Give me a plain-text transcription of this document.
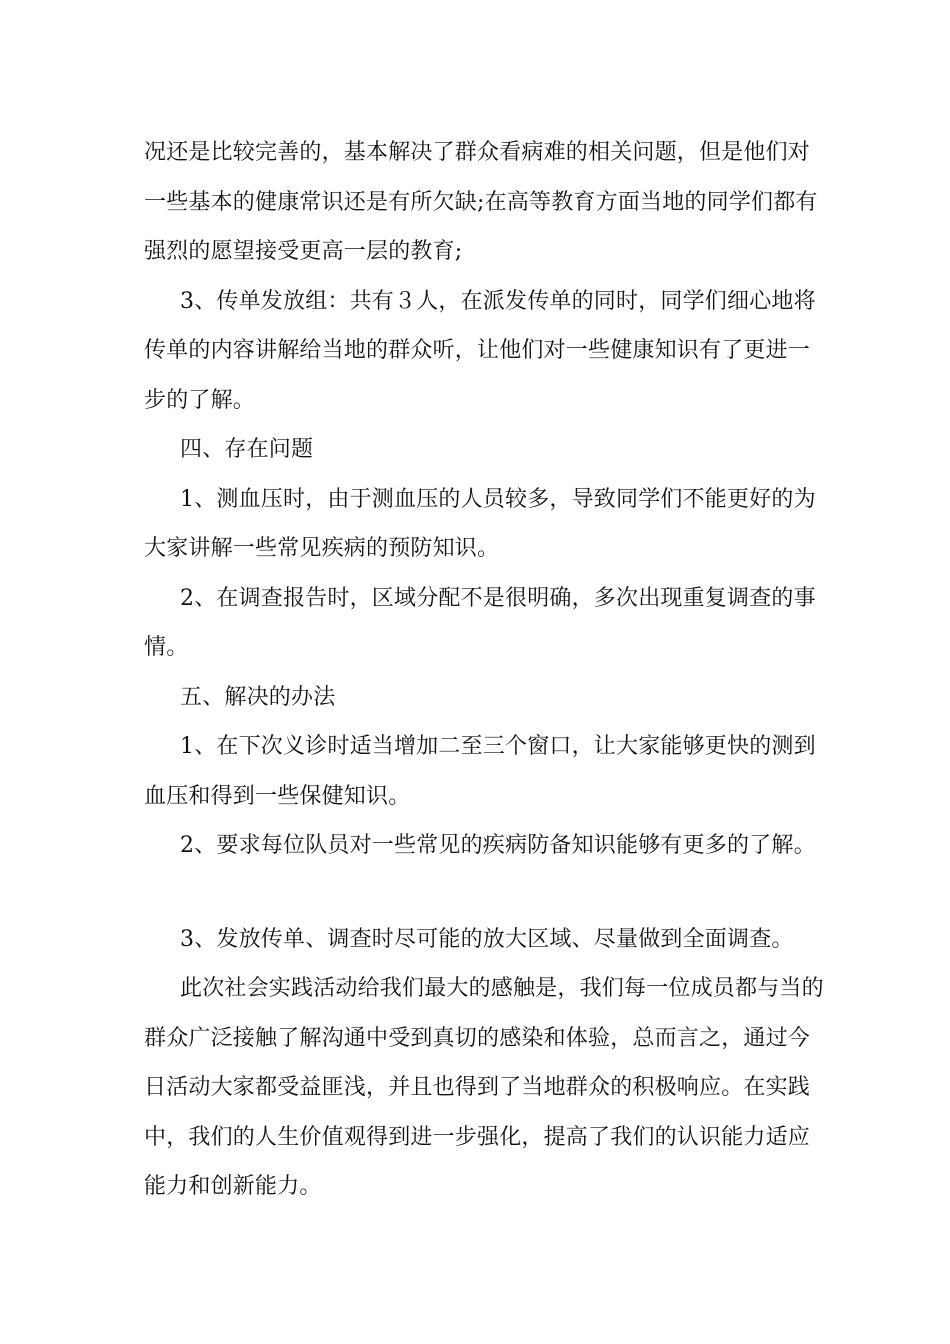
况还是比较完善的，基本解决了群众看病难的相关问题，但是他们对一些基本的健康常识还是有所欠缺;在高等教育方面当地的同学们都有强烈的愿望接受更高一层的教育;

3、传单发放组：共有３人，在派发传单的同时，同学们细心地将传单的内容讲解给当地的群众听，让他们对一些健康知识有了更进一步的了解。

四、存在问题

1、测血压时，由于测血压的人员较多，导致同学们不能更好的为大家讲解一些常见疾病的预防知识。

2、在调查报告时，区域分配不是很明确，多次出现重复调查的事情。

五、解决的办法

1、在下次义诊时适当增加二至三个窗口，让大家能够更快的测到血压和得到一些保健知识。

2、要求每位队员对一些常见的疾病防备知识能够有更多的了解。

3、发放传单、调查时尽可能的放大区域、尽量做到全面调查。

此次社会实践活动给我们最大的感触是，我们每一位成员都与当的群众广泛接触了解沟通中受到真切的感染和体验，总而言之，通过今日活动大家都受益匪浅，并且也得到了当地群众的积极响应。在实践中，我们的人生价值观得到进一步强化，提高了我们的认识能力适应能力和创新能力。
